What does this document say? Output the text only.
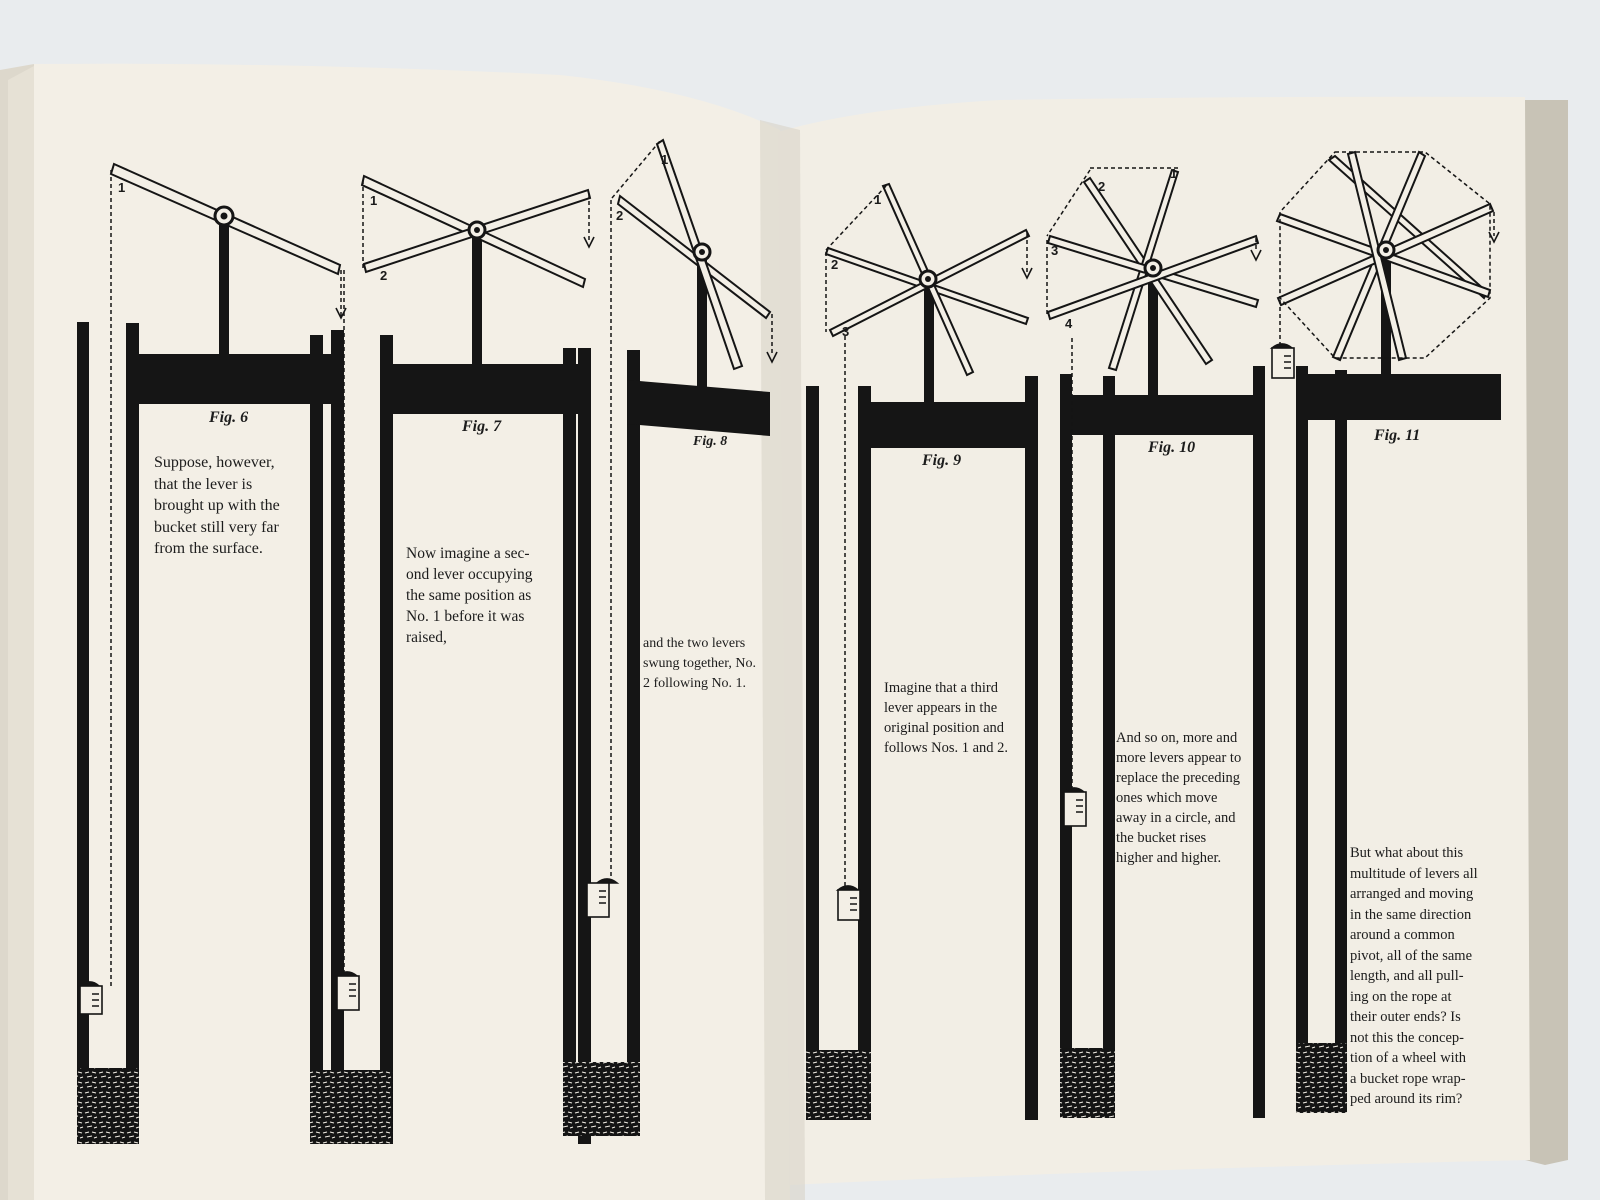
1
1
2
1
2
1
2
3
1
2
3
4
Fig. 6
Fig. 7
Fig. 8
Fig. 9
Fig. 10
Fig. 11
Suppose, however,
that the lever is
brought up with the
bucket still very far
from the surface.	Now imagine a sec-
ond lever occupying
the same position as
No. 1 before it was
raised,	and the two levers
swung together, No.
2 following No. 1.	Imagine that a third
lever appears in the
original position and
follows Nos. 1 and 2.
And so on, more and
more levers appear to
replace the preceding
ones which move
away in a circle, and
the bucket rises
higher and higher.	But what about this
multitude of levers all
arranged and moving
in the same direction
around a common
pivot, all of the same
length, and all pull-
ing on the rope at
their outer ends? Is
not this the concep-
tion of a wheel with
a bucket rope wrap-
ped around its rim?
